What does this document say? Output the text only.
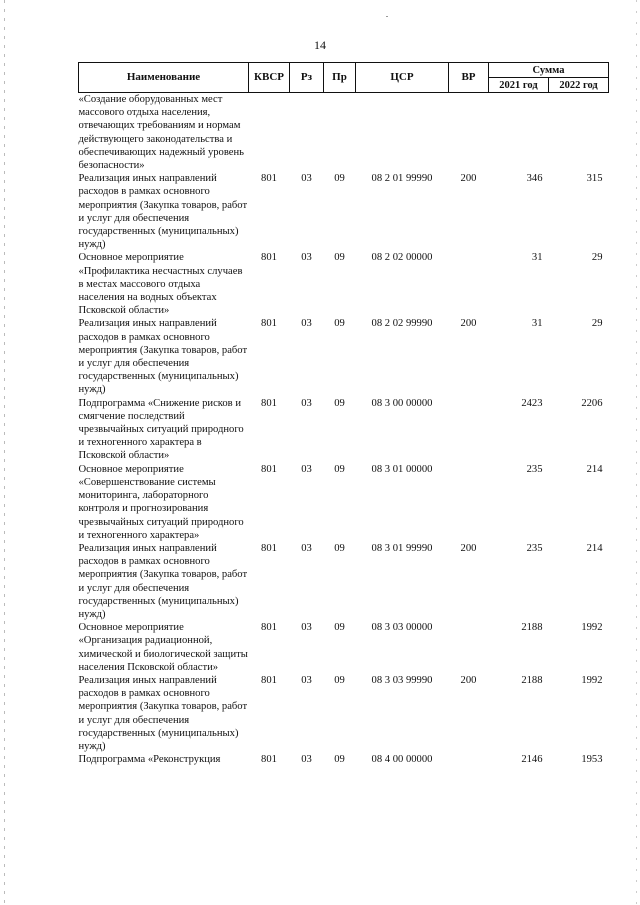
14
Наименование	КВСР	Рз	Пр	ЦСР	ВР	Сумма	
						2021 год	2022 год
«Создание оборудованных мест массового отдыха населения, отвечающих требованиям и нормам действующего законодательства и обеспечивающих надежный уровень безопасности»							
Реализация иных направлений расходов в рамках основного мероприятия (Закупка товаров, работ и услуг для обеспечения государственных (муниципальных) нужд)	801	03	09	08 2 01 99990	200	346	315
Основное мероприятие «Профилактика несчастных случаев в местах массового отдыха населения на водных объектах Псковской области»	801	03	09	08 2 02 00000		31	29
Реализация иных направлений расходов в рамках основного мероприятия (Закупка товаров, работ и услуг для обеспечения государственных (муниципальных) нужд)	801	03	09	08 2 02 99990	200	31	29
Подпрограмма «Снижение рисков и смягчение последствий чрезвычайных ситуаций природного и техногенного характера в Псковской области»	801	03	09	08 3 00 00000		2423	2206
Основное мероприятие «Совершенствование системы мониторинга, лабораторного контроля и прогнозирования чрезвычайных ситуаций природного и техногенного характера»	801	03	09	08 3 01 00000		235	214
Реализация иных направлений расходов в рамках основного мероприятия (Закупка товаров, работ и услуг для обеспечения государственных (муниципальных) нужд)	801	03	09	08 3 01 99990	200	235	214
Основное мероприятие «Организация радиационной, химической и биологической защиты населения Псковской области»	801	03	09	08 3 03 00000		2188	1992
Реализация иных направлений расходов в рамках основного мероприятия (Закупка товаров, работ и услуг для обеспечения государственных (муниципальных) нужд)	801	03	09	08 3 03 99990	200	2188	1992
Подпрограмма «Реконструкция	801	03	09	08 4 00 00000		2146	1953
